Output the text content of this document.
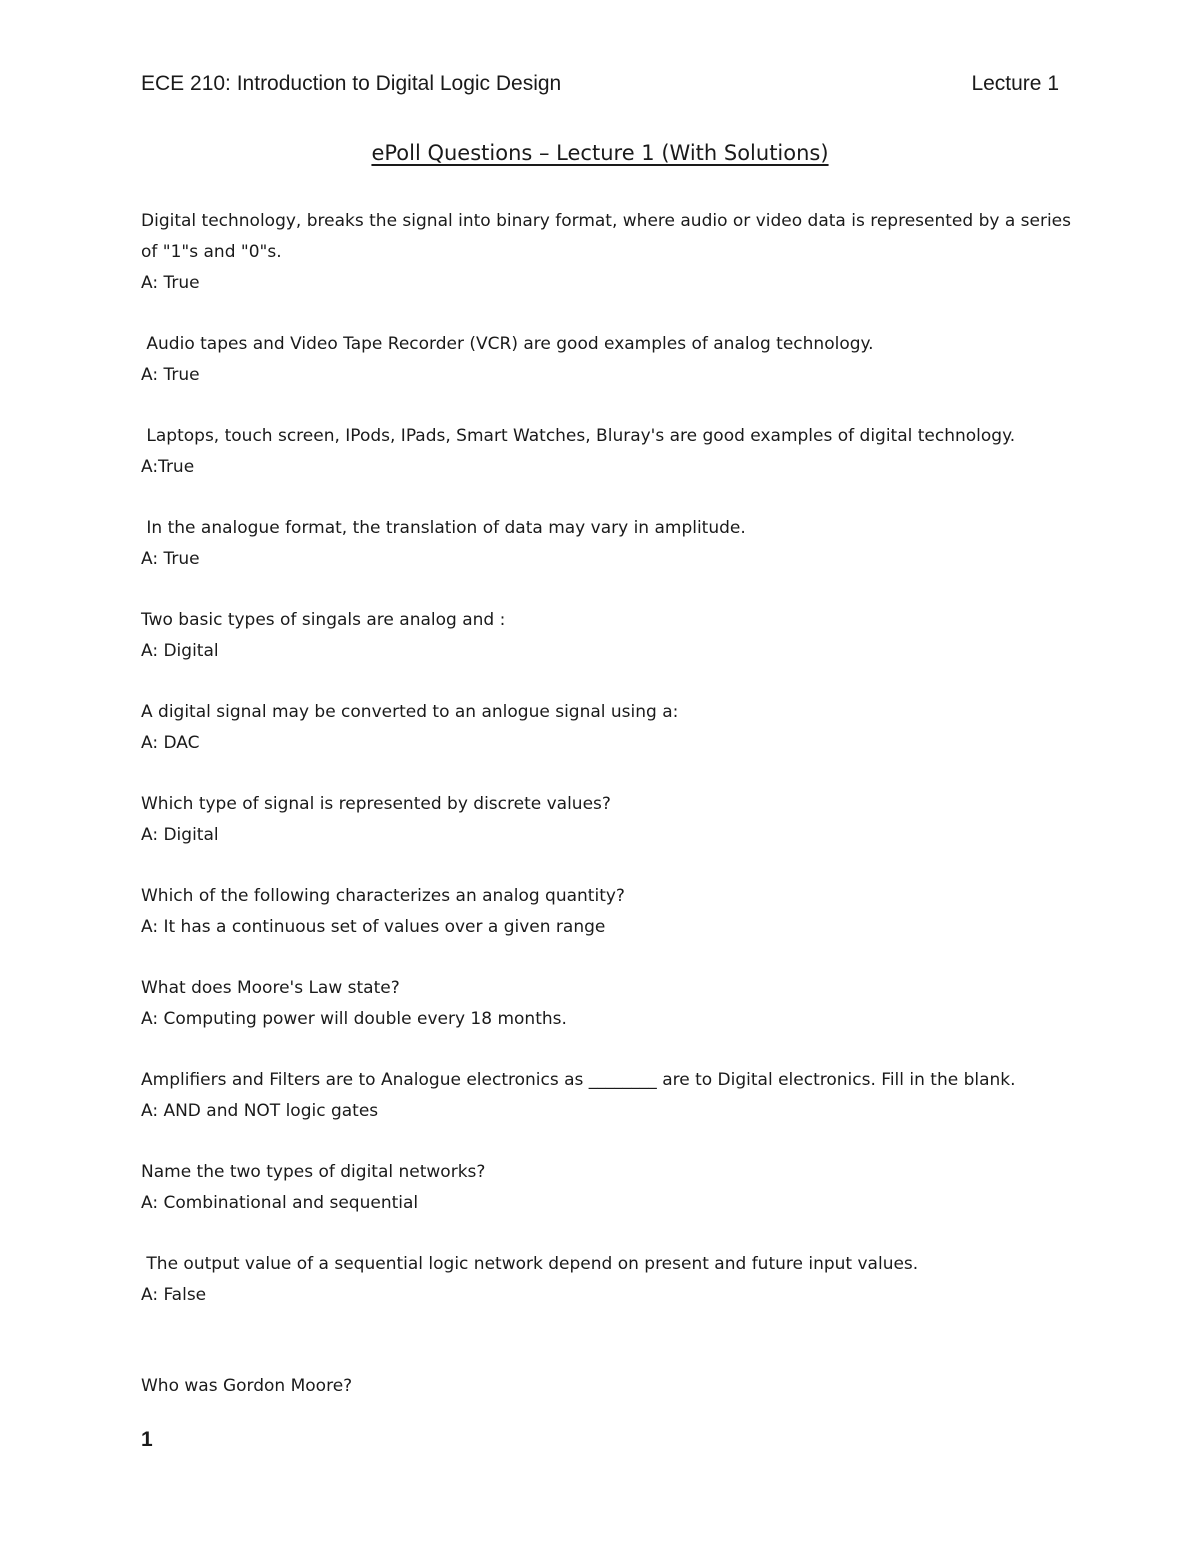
ECE 210: Introduction to Digital Logic Design	Lecture 1
ePoll Questions – Lecture 1 (With Solutions)
Digital technology, breaks the signal into binary format, where audio or video data is represented by a series of "1"s and "0"s.
A: True
Audio tapes and Video Tape Recorder (VCR) are good examples of analog technology.
A: True
Laptops, touch screen, IPods, IPads, Smart Watches, Bluray's are good examples of digital technology.
A:True
In the analogue format, the translation of data may vary in amplitude.
A: True
Two basic types of singals are analog and :
A: Digital
A digital signal may be converted to an anlogue signal using a:
A: DAC
Which type of signal is represented by discrete values?
A: Digital
Which of the following characterizes an analog quantity?
A: It has a continuous set of values over a given range
What does Moore's Law state?
A: Computing power will double every 18 months.
Amplifiers and Filters are to Analogue electronics as ________ are to Digital electronics. Fill in the blank.
A: AND and NOT logic gates
Name the two types of digital networks?
A: Combinational and sequential
The output value of a sequential logic network depend on present and future input values.
A: False
Who was Gordon Moore?
1
